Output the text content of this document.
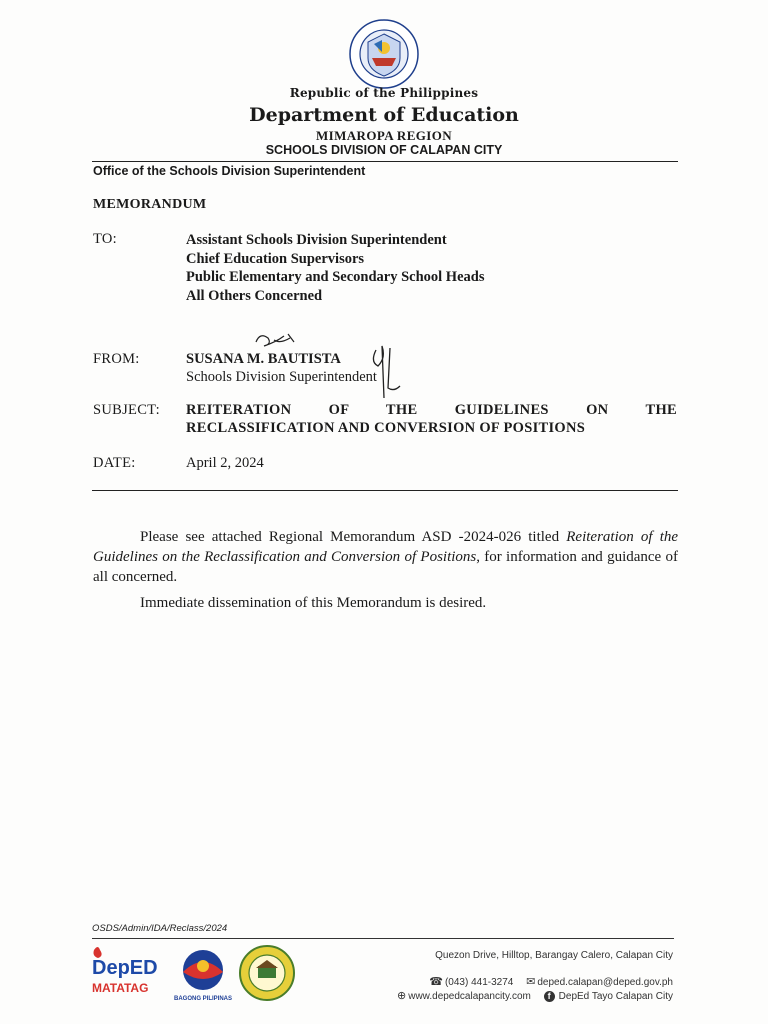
Republic of the Philippines
Department of Education
MIMAROPA REGION
SCHOOLS DIVISION OF CALAPAN CITY
Office of the Schools Division Superintendent
MEMORANDUM
TO:	Assistant Schools Division Superintendent
Chief Education Supervisors
Public Elementary and Secondary School Heads
All Others Concerned
FROM:	SUSANA M. BAUTISTA
Schools Division Superintendent
SUBJECT: REITERATION OF THE GUIDELINES ON THE
RECLASSIFICATION AND CONVERSION OF POSITIONS
DATE:	April 2, 2024
Please see attached Regional Memorandum ASD -2024-026 titled Reiteration of the Guidelines on the Reclassification and Conversion of Positions, for information and guidance of all concerned.
Immediate dissemination of this Memorandum is desired.
OSDS/Admin/IDA/Reclass/2024
DepED
MATATAG
BAGONG PILIPINAS
Quezon Drive, Hilltop, Barangay Calero, Calapan City
☎ (043) 441-3274 ✉ deped.calapan@deped.gov.ph
⊕ www.depedcalapancity.com f DepEd Tayo Calapan City
